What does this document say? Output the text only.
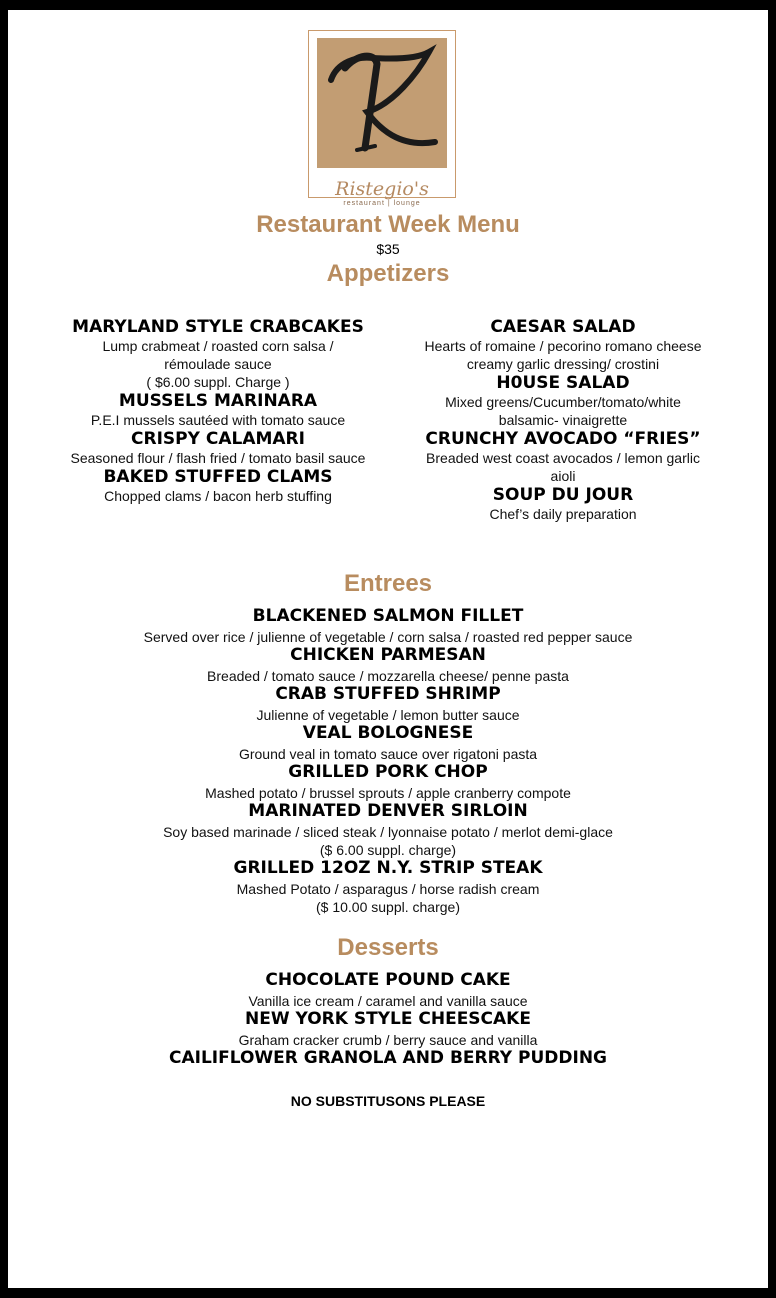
Ristegio's
restaurant | lounge
Restaurant Week Menu
$35
Appetizers
MARYLAND STYLE CRABCAKES
Lump crabmeat / roasted corn salsa /
rémoulade sauce
( $6.00 suppl. Charge )
MUSSELS MARINARA
P.E.I mussels sautéed with tomato sauce
CRISPY CALAMARI
Seasoned flour / flash fried / tomato basil sauce
BAKED STUFFED CLAMS
Chopped clams / bacon herb stuffing
CAESAR SALAD
Hearts of romaine / pecorino romano cheese
creamy garlic dressing/ crostini
H0USE SALAD
Mixed greens/Cucumber/tomato/white
balsamic- vinaigrette
CRUNCHY AVOCADO “FRIES”
Breaded west coast avocados / lemon garlic
aioli
SOUP DU JOUR
Chef’s daily preparation
Entrees
BLACKENED SALMON FILLET
Served over rice / julienne of vegetable / corn salsa / roasted red pepper sauce
CHICKEN PARMESAN
Breaded / tomato sauce / mozzarella cheese/ penne pasta
CRAB STUFFED SHRIMP
Julienne of vegetable / lemon butter sauce
VEAL BOLOGNESE
Ground veal in tomato sauce over rigatoni pasta
GRILLED PORK CHOP
Mashed potato / brussel sprouts / apple cranberry compote
MARINATED DENVER SIRLOIN
Soy based marinade / sliced steak / lyonnaise potato / merlot demi-glace
($ 6.00 suppl. charge)
GRILLED 12OZ N.Y. STRIP STEAK
Mashed Potato / asparagus / horse radish cream
($ 10.00 suppl. charge)
Desserts
CHOCOLATE POUND CAKE
Vanilla ice cream / caramel and vanilla sauce
NEW YORK STYLE CHEESCAKE
Graham cracker crumb / berry sauce and vanilla
CAILIFLOWER GRANOLA AND BERRY PUDDING
NO SUBSTITUSONS PLEASE
